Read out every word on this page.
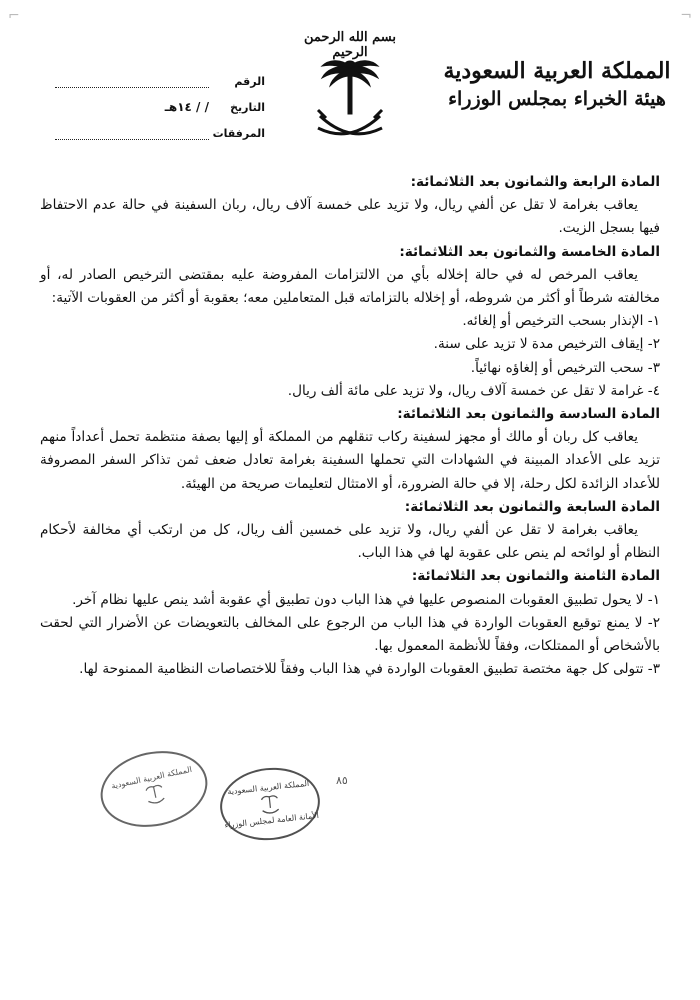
⌐	¬
بسم الله الرحمن الرحيم
المملكة العربية السعودية
هيئة الخبراء بمجلس الوزراء
الرقم
التاريخ
/ / ١٤هـ
المرفقات

المادة الرابعة والثمانون بعد الثلاثمائة:

يعاقب بغرامة لا تقل عن ألفي ريال، ولا تزيد على خمسة آلاف ريال، ربان السفينة في حالة عدم الاحتفاظ فيها بسجل الزيت.

المادة الخامسة والثمانون بعد الثلاثمائة:

يعاقب المرخص له في حالة إخلاله بأي من الالتزامات المفروضة عليه بمقتضى الترخيص الصادر له، أو مخالفته شرطاً أو أكثر من شروطه، أو إخلاله بالتزاماته قبل المتعاملين معه؛ بعقوبة أو أكثر من العقوبات الآتية:

١- الإنذار بسحب الترخيص أو إلغائه.

٢- إيقاف الترخيص مدة لا تزيد على سنة.

٣- سحب الترخيص أو إلغاؤه نهائياً.

٤- غرامة لا تقل عن خمسة آلاف ريال، ولا تزيد على مائة ألف ريال.

المادة السادسة والثمانون بعد الثلاثمائة:

يعاقب كل ربان أو مالك أو مجهز لسفينة ركاب تنقلهم من المملكة أو إليها بصفة منتظمة تحمل أعداداً منهم تزيد على الأعداد المبينة في الشهادات التي تحملها السفينة بغرامة تعادل ضعف ثمن تذاكر السفر المصروفة للأعداد الزائدة لكل رحلة، إلا في حالة الضرورة، أو الامتثال لتعليمات صريحة من الهيئة.

المادة السابعة والثمانون بعد الثلاثمائة:

يعاقب بغرامة لا تقل عن ألفي ريال، ولا تزيد على خمسين ألف ريال، كل من ارتكب أي مخالفة لأحكام النظام أو لوائحه لم ينص على عقوبة لها في هذا الباب.

المادة الثامنة والثمانون بعد الثلاثمائة:

١- لا يحول تطبيق العقوبات المنصوص عليها في هذا الباب دون تطبيق أي عقوبة أشد ينص عليها نظام آخر.

٢- لا يمنع توقيع العقوبات الواردة في هذا الباب من الرجوع على المخالف بالتعويضات عن الأضرار التي لحقت بالأشخاص أو الممتلكات، وفقاً للأنظمة المعمول بها.

٣- تتولى كل جهة مختصة تطبيق العقوبات الواردة في هذا الباب وفقاً للاختصاصات النظامية الممنوحة لها.

المملكة العربية السعودية	المملكة العربية السعودية
الأمانة العامة لمجلس الوزراء
٨٥
